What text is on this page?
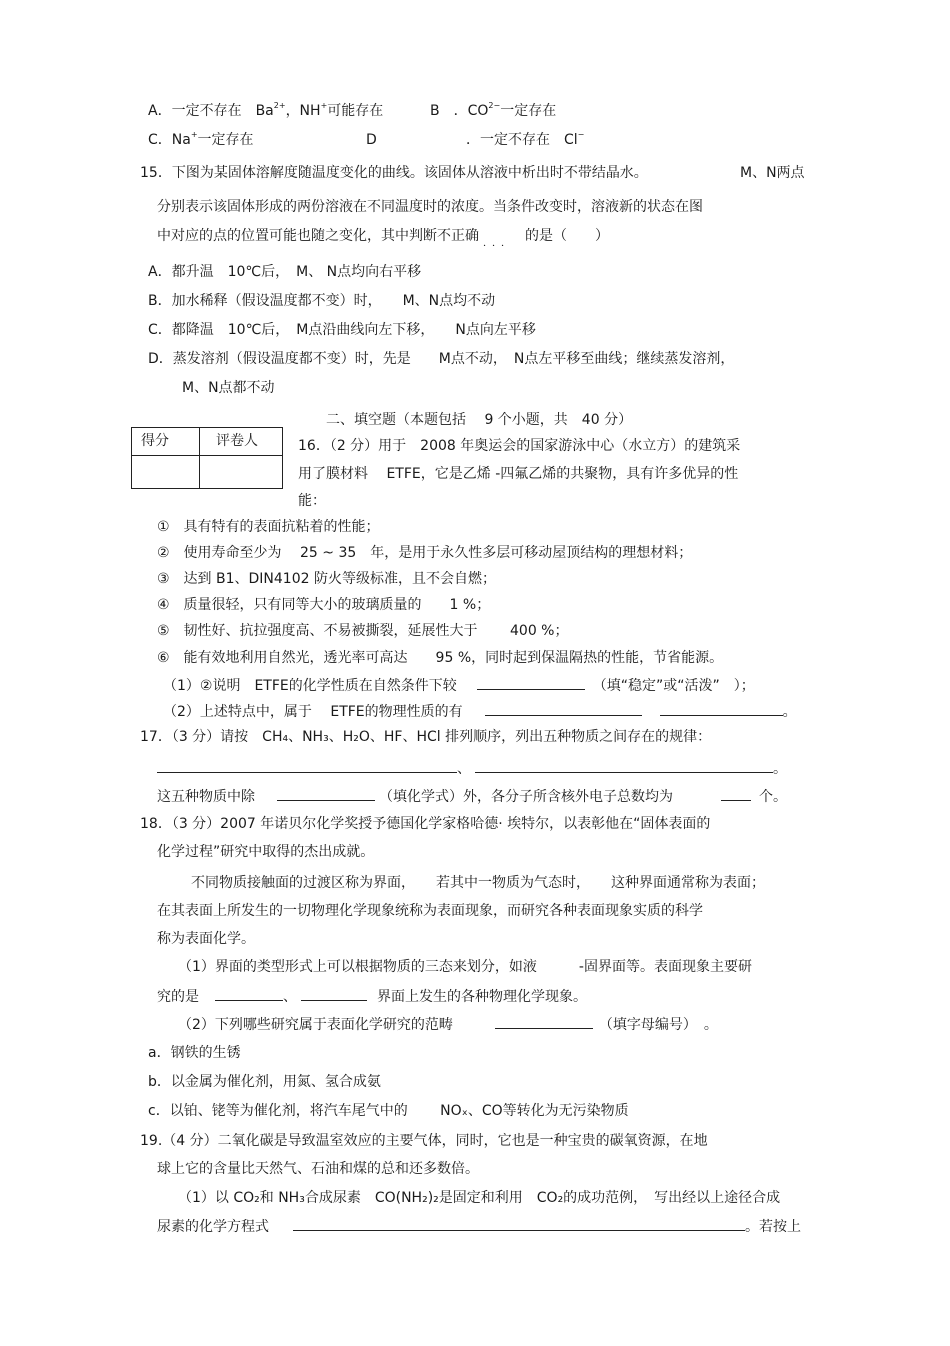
A．一定不存在 $Ba^{2+}$，NH+可能存在	B ．$CO^{2-}$一定存在
C．Na+一定存在	D	．一定不存在 Cl−
15．下图为某固体溶解度随温度变化的曲线。该固体从溶液中析出时不带结晶水。	M、N两点
分别表示该固体形成的两份溶液在不同温度时的浓度。当条件改变时，溶液新的状态在图
中对应的点的位置可能也随之变化，其中判断不正确 $_{...}$ 的是（　　）
A．都升温　10℃后，　M、 N点均向右平移
B．加水稀释（假设温度都不变）时，　　M、N点均不动
C．都降温　10℃后，　M点沿曲线向左下移，　　N点向左平移
D．蒸发溶剂（假设温度都不变）时，先是　　M点不动，　N点左平移至曲线；继续蒸发溶剂，
M、N点都不动
二、填空题（本题包括　 9 个小题，共　40 分）
得分	评卷人	16．（2 分）用于　2008 年奥运会的国家游泳中心（水立方）的建筑采
用了膜材料　 ETFE，它是乙烯 -四氟乙烯的共聚物，具有许多优异的性
能：
①　具有特有的表面抗粘着的性能；
②　使用寿命至少为　 25 ~ 35　年，是用于永久性多层可移动屋顶结构的理想材料；
③　达到 B1、DIN4102 防火等级标准，且不会自燃；
④　质量很轻，只有同等大小的玻璃质量的　　1 %；
⑤　韧性好、抗拉强度高、不易被撕裂，延展性大于　　 400 %；
⑥　能有效地利用自然光，透光率可高达　　95 %，同时起到保温隔热的性能，节省能源。
（1）②说明　ETFE的化学性质在自然条件下较	（填“稳定”或“活泼”　）；
（2）上述特点中，属于　 ETFE的物理性质的有	。
17．（3 分）请按　CH₄、NH₃、H₂O、HF、HCl 排列顺序，列出五种物质之间存在的规律：
、	。
这五种物质中除	（填化学式）外，各分子所含核外电子总数均为	个。
18．（3 分）2007 年诺贝尔化学奖授予德国化学家格哈德· 埃特尔，以表彰他在“固体表面的
化学过程”研究中取得的杰出成就。
不同物质接触面的过渡区称为界面，　　若其中一物质为气态时，　　这种界面通常称为表面；
在其表面上所发生的一切物理化学现象统称为表面现象，而研究各种表面现象实质的科学
称为表面化学。
（1）界面的类型形式上可以根据物质的三态来划分，如液　　　-固界面等。表面现象主要研
究的是	、	界面上发生的各种物理化学现象。
（2）下列哪些研究属于表面化学研究的范畴	（填字母编号）　。
a．钢铁的生锈
b．以金属为催化剂，用氮、氢合成氨
c．以铂、铑等为催化剂，将汽车尾气中的　　 NOₓ、CO等转化为无污染物质
19.（4 分）二氧化碳是导致温室效应的主要气体，同时，它也是一种宝贵的碳氧资源，在地
球上它的含量比天然气、石油和煤的总和还多数倍。
（1）以 CO₂和 NH₃合成尿素　CO(NH₂)₂是固定和利用　CO₂的成功范例，　写出经以上途径合成
尿素的化学方程式	。若按上
